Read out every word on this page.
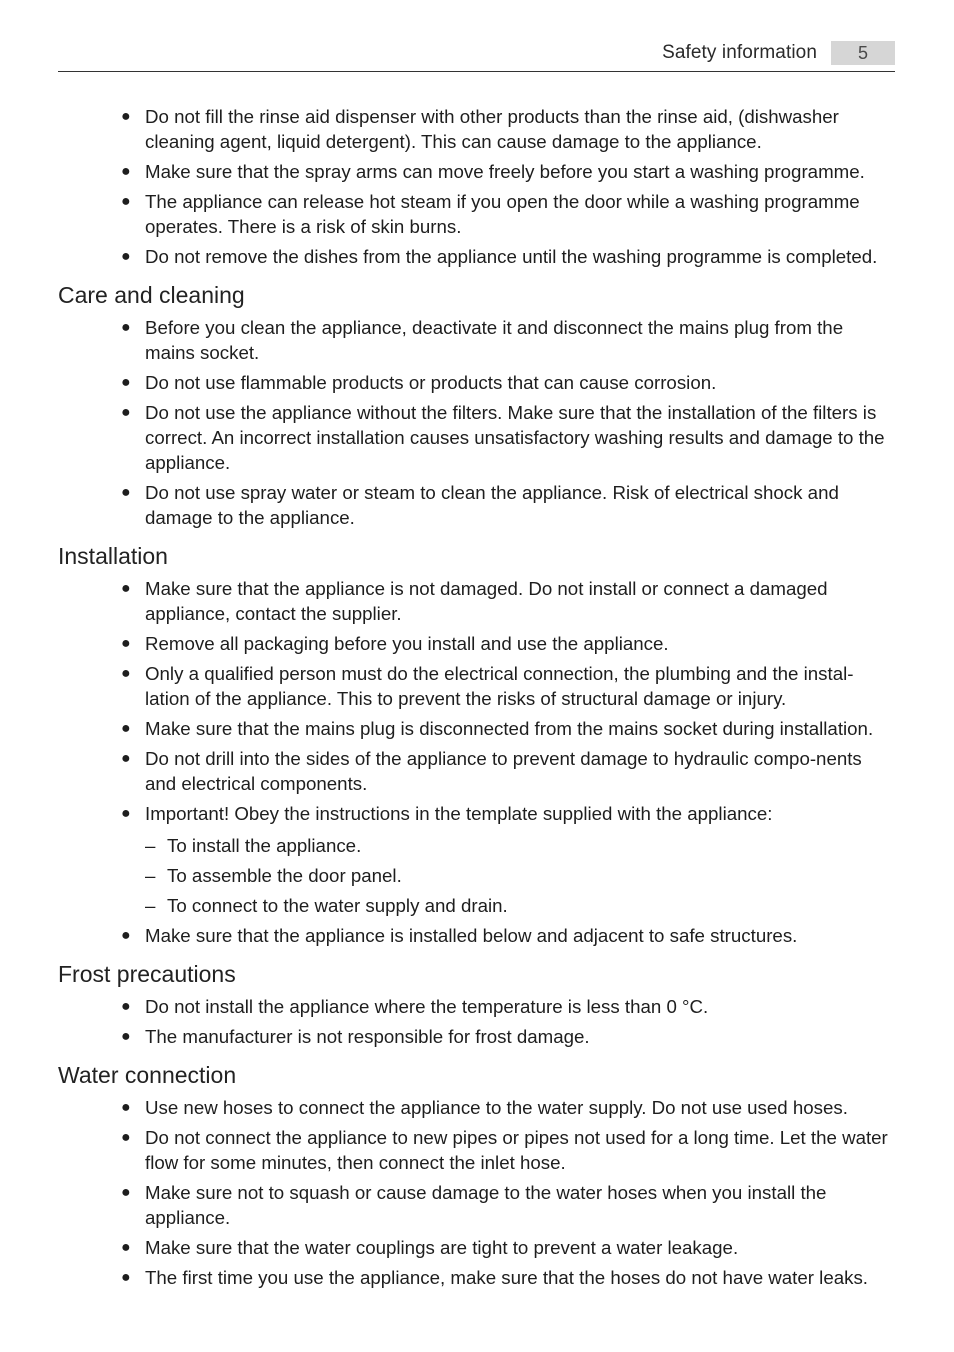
Safety information	5
● Do not fill the rinse aid dispenser with other products than the rinse aid, (dishwasher cleaning agent, liquid detergent). This can cause damage to the appliance.
● Make sure that the spray arms can move freely before you start a washing programme.
● The appliance can release hot steam if you open the door while a washing programme operates. There is a risk of skin burns.
● Do not remove the dishes from the appliance until the washing programme is completed.
Care and cleaning
● Before you clean the appliance, deactivate it and disconnect the mains plug from the mains socket.
● Do not use flammable products or products that can cause corrosion.
● Do not use the appliance without the filters. Make sure that the installation of the filters is correct. An incorrect installation causes unsatisfactory washing results and damage to the appliance.
● Do not use spray water or steam to clean the appliance. Risk of electrical shock and damage to the appliance.
Installation
● Make sure that the appliance is not damaged. Do not install or connect a damaged appliance, contact the supplier.
● Remove all packaging before you install and use the appliance.
● Only a qualified person must do the electrical connection, the plumbing and the instal-lation of the appliance. This to prevent the risks of structural damage or injury.
● Make sure that the mains plug is disconnected from the mains socket during installation.
● Do not drill into the sides of the appliance to prevent damage to hydraulic compo-nents and electrical components.
● Important! Obey the instructions in the template supplied with the appliance:
– To install the appliance.
– To assemble the door panel.
– To connect to the water supply and drain.
● Make sure that the appliance is installed below and adjacent to safe structures.
Frost precautions
● Do not install the appliance where the temperature is less than 0 °C.
● The manufacturer is not responsible for frost damage.
Water connection
● Use new hoses to connect the appliance to the water supply. Do not use used hoses.
● Do not connect the appliance to new pipes or pipes not used for a long time. Let the water flow for some minutes, then connect the inlet hose.
● Make sure not to squash or cause damage to the water hoses when you install the appliance.
● Make sure that the water couplings are tight to prevent a water leakage.
● The first time you use the appliance, make sure that the hoses do not have water leaks.
